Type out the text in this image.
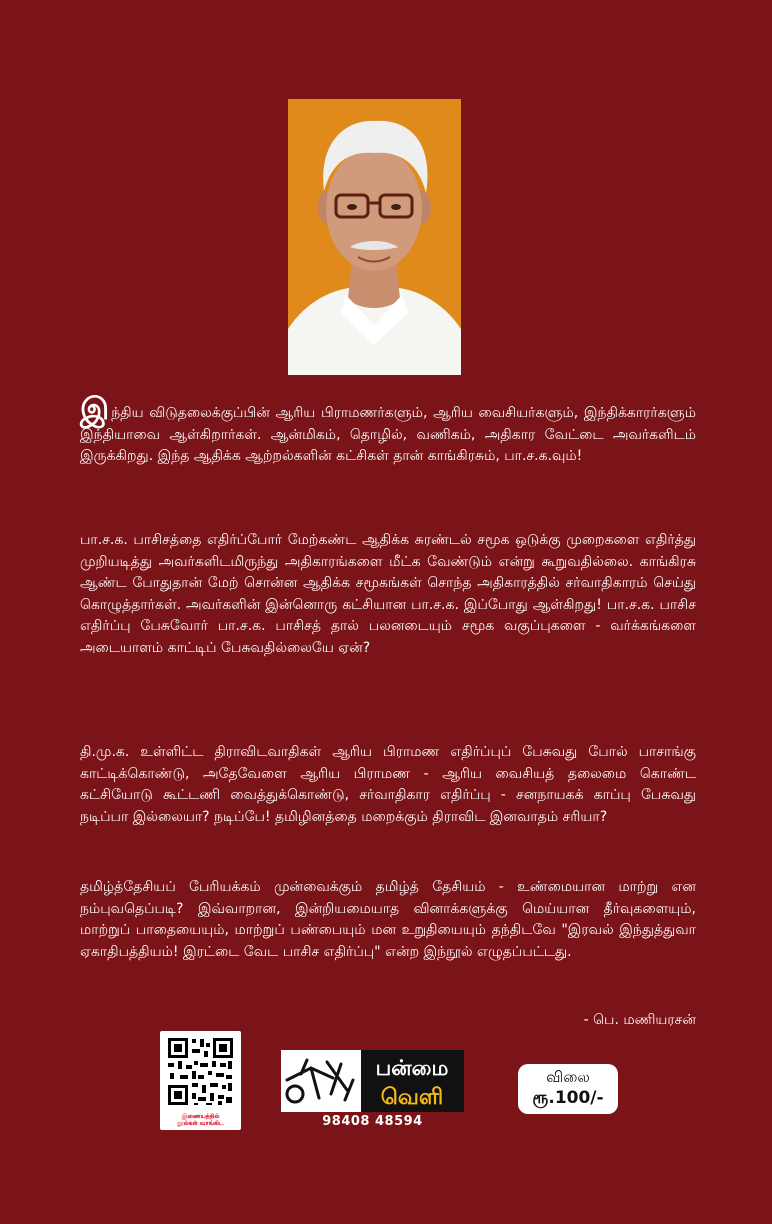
இந்திய விடுதலைக்குப்பின் ஆரிய பிராமணர்களும், ஆரிய வைசியர்களும், இந்திக்காரர்களும் இந்தியாவை ஆள்கிறார்கள். ஆன்மிகம், தொழில், வணிகம், அதிகார வேட்டை அவர்களிடம் இருக்கிறது. இந்த ஆதிக்க ஆற்றல்களின் கட்சிகள் தான் காங்கிரசும், பா.ச.க.வும்!

பா.ச.க. பாசிசத்தை எதிர்ப்போர் மேற்கண்ட ஆதிக்க சுரண்டல் சமூக ஒடுக்கு முறைகளை எதிர்த்து முறியடித்து அவர்களிடமிருந்து அதிகாரங்களை மீட்க வேண்டும் என்று கூறுவதில்லை. காங்கிரசு ஆண்ட போதுதான் மேற் சொன்ன ஆதிக்க சமூகங்கள் சொந்த அதிகாரத்தில் சர்வாதிகாரம் செய்து கொழுத்தார்கள். அவர்களின் இன்னொரு கட்சியான பா.ச.க. இப்போது ஆள்கிறது! பா.ச.க. பாசிச எதிர்ப்பு பேசுவோர் பா.ச.க. பாசிசத் தால் பலனடையும் சமூக வகுப்புகளை - வர்க்கங்களை அடையாளம் காட்டிப் பேசுவதில்லையே ஏன்?

தி.மு.க. உள்ளிட்ட திராவிடவாதிகள் ஆரிய பிராமண எதிர்ப்புப் பேசுவது போல் பாசாங்கு காட்டிக்கொண்டு, அதேவேளை ஆரிய பிராமண - ஆரிய வைசியத் தலைமை கொண்ட கட்சியோடு கூட்டணி வைத்துக்கொண்டு, சர்வாதிகார எதிர்ப்பு - சனநாயகக் காப்பு பேசுவது நடிப்பா இல்லையா? நடிப்பே! தமிழினத்தை மறைக்கும் திராவிட இனவாதம் சரியா?

தமிழ்த்தேசியப் பேரியக்கம் முன்வைக்கும் தமிழ்த் தேசியம் - உண்மையான மாற்று என நம்புவதெப்படி? இவ்வாறான, இன்றியமையாத வினாக்களுக்கு மெய்யான தீர்வுகளையும், மாற்றுப் பாதையையும், மாற்றுப் பண்பையும் மன உறுதியையும் தந்திடவே "இரவல் இந்துத்துவா ஏகாதிபத்தியம்! இரட்டை வேட பாசிச எதிர்ப்பு" என்ற இந்நூல் எழுதப்பட்டது.

- பெ. மணியரசன்

இணையத்தில்
நூல்கள் வாங்கிட
பன்மை
வெளி
98408 48594
விலை
ரூ.100/-
